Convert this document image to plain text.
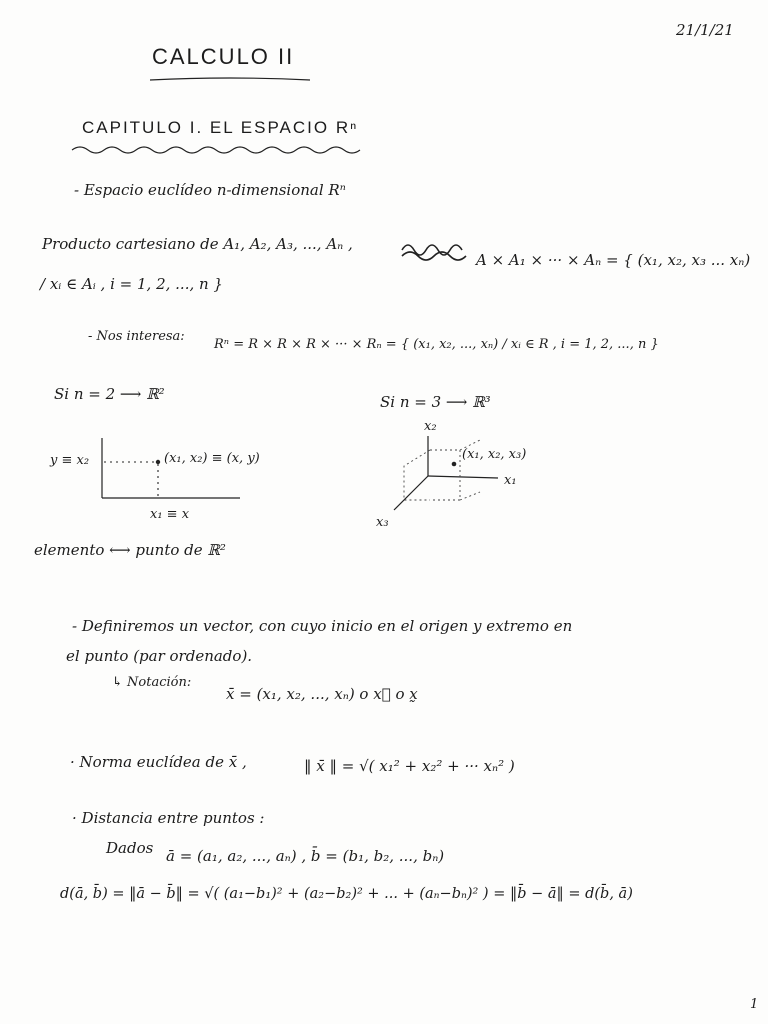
21/1/21
CALCULO II
CAPITULO I. EL ESPACIO Rⁿ
- Espacio euclídeo n-dimensional Rⁿ
Producto cartesiano de A₁, A₂, A₃, ..., Aₙ ,
A × A₁ × ··· × Aₙ = { (x₁, x₂, x₃ ... xₙ)
/ xᵢ ∈ Aᵢ , i = 1, 2, ..., n }
- Nos interesa:
Rⁿ = R × R × R × ··· × Rₙ = { (x₁, x₂, ..., xₙ) / xᵢ ∈ R , i = 1, 2, ..., n }
Si n = 2 ⟶ ℝ²	Si n = 3 ⟶ ℝ³
y ≡ x₂	(x₁, x₂) ≡ (x, y)
x₁ ≡ x
x₂
(x₁, x₂, x₃)
x₁
x₃
elemento ⟷ punto de ℝ²
- Definiremos un vector, con cuyo inicio en el origen y extremo en
el punto (par ordenado).
↳ Notación:
x̄ = (x₁, x₂, ..., xₙ) o x⃗ o x̰
· Norma euclídea de x̄ ,	‖ x̄ ‖ = √( x₁² + x₂² + ··· xₙ² )
· Distancia entre puntos :
Dados ā = (a₁, a₂, ..., aₙ) , b̄ = (b₁, b₂, ..., bₙ)
d(ā, b̄) = ‖ā − b̄‖ = √( (a₁−b₁)² + (a₂−b₂)² + ... + (aₙ−bₙ)² ) = ‖b̄ − ā‖ = d(b̄, ā)
1
